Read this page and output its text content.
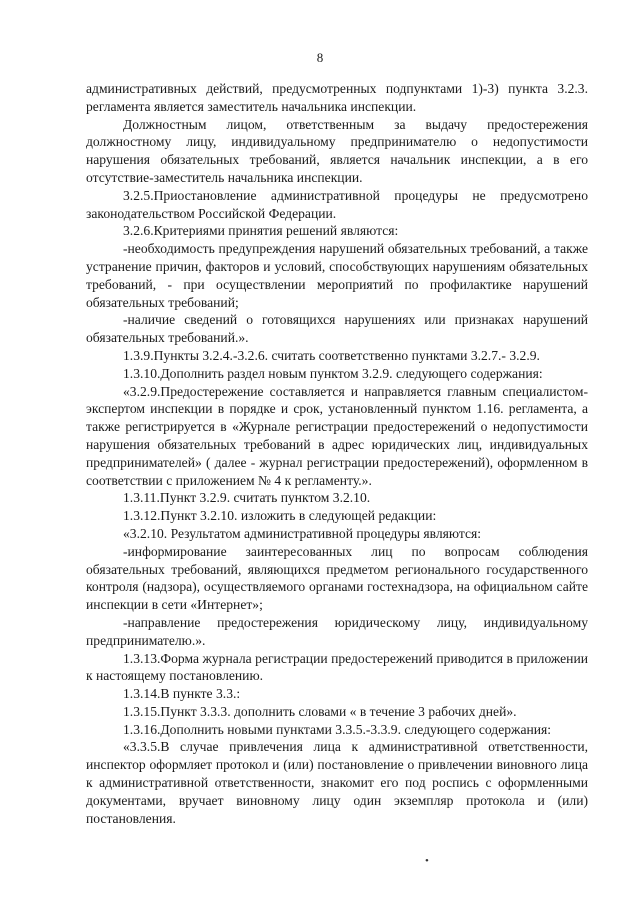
8

административных действий, предусмотренных подпунктами 1)-3) пункта 3.2.3. регламента является заместитель начальника инспекции.

Должностным лицом, ответственным за выдачу предостережения должностному лицу, индивидуальному предпринимателю о недопустимости нарушения обязательных требований, является начальник инспекции, а в его отсутствие-заместитель начальника инспекции.

3.2.5.Приостановление административной процедуры не предусмотрено законодательством Российской Федерации.

3.2.6.Критериями принятия решений являются:

-необходимость предупреждения нарушений обязательных требований, а также устранение причин, факторов и условий, способствующих нарушениям обязательных требований, - при осуществлении мероприятий по профилактике нарушений обязательных требований;

-наличие сведений о готовящихся нарушениях или признаках нарушений обязательных требований.».

1.3.9.Пункты 3.2.4.-3.2.6. считать соответственно пунктами 3.2.7.- 3.2.9.

1.3.10.Дополнить раздел новым пунктом 3.2.9. следующего содержания:

«3.2.9.Предостережение составляется и направляется главным специалистом-экспертом инспекции в порядке и срок, установленный пунктом 1.16. регламента, а также регистрируется в «Журнале регистрации предостережений о недопустимости нарушения обязательных требований в адрес юридических лиц, индивидуальных предпринимателей» ( далее - журнал регистрации предостережений), оформленном в соответствии с приложением № 4 к регламенту.».

1.3.11.Пункт 3.2.9. считать пунктом 3.2.10.

1.3.12.Пункт 3.2.10. изложить в следующей редакции:

«3.2.10. Результатом административной процедуры являются:

-информирование заинтересованных лиц по вопросам соблюдения обязательных требований, являющихся предметом регионального государственного контроля (надзора), осуществляемого органами гостехнадзора, на официальном сайте инспекции в сети «Интернет»;

-направление предостережения юридическому лицу, индивидуальному предпринимателю.».

1.3.13.Форма журнала регистрации предостережений приводится в приложении к настоящему постановлению.

1.3.14.В пункте 3.3.:

1.3.15.Пункт 3.3.3. дополнить словами « в течение 3 рабочих дней».

1.3.16.Дополнить новыми пунктами 3.3.5.-3.3.9. следующего содержания:

«3.3.5.В случае привлечения лица к административной ответственности, инспектор оформляет протокол и (или) постановление о привлечении виновного лица к административной ответственности, знакомит его под роспись с оформленными документами, вручает виновному лицу один экземпляр протокола и (или) постановления.

•
